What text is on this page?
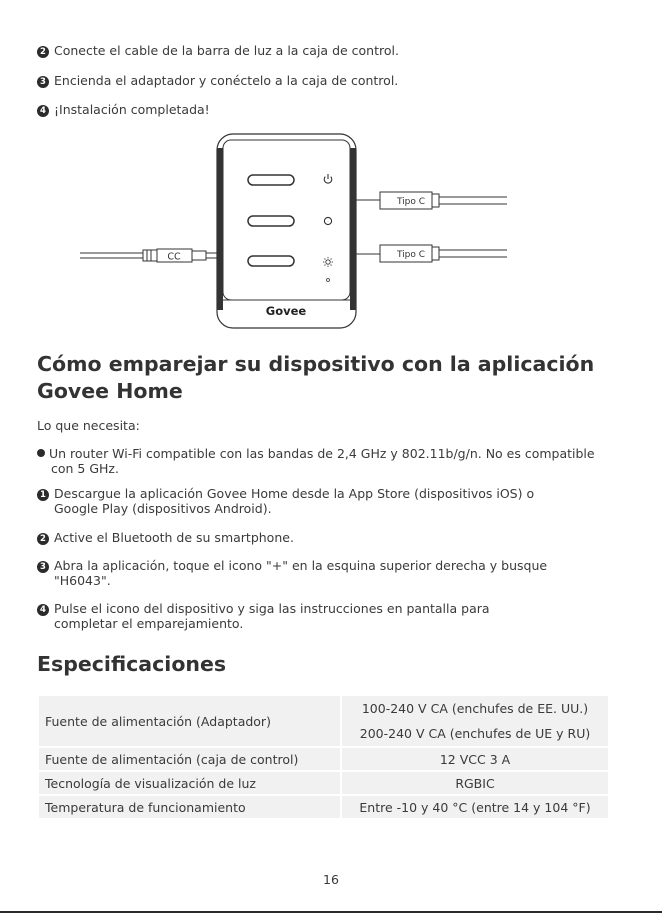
2 Conecte el cable de la barra de luz a la caja de control.
3 Encienda el adaptador y conéctelo a la caja de control.
4 ¡Instalación completada!
CC
Govee
Tipo C
Tipo C
Cómo emparejar su dispositivo con la aplicación
Govee Home
Lo que necesita:
Un router Wi-Fi compatible con las bandas de 2,4 GHz y 802.11b/g/n. No es compatible
con 5 GHz.
1 Descargue la aplicación Govee Home desde la App Store (dispositivos iOS) o
Google Play (dispositivos Android).
2 Active el Bluetooth de su smartphone.
3 Abra la aplicación, toque el icono "+" en la esquina superior derecha y busque
"H6043".
4 Pulse el icono del dispositivo y siga las instrucciones en pantalla para
completar el emparejamiento.
Especificaciones
Fuente de alimentación (Adaptador)	100-240 V CA (enchufes de EE. UU.)
200-240 V CA (enchufes de UE y RU)

Fuente de alimentación (caja de control)	12 VCC 3 A
Tecnología de visualización de luz	RGBIC
Temperatura de funcionamiento	Entre -10 y 40 °C (entre 14 y 104 °F)
16
